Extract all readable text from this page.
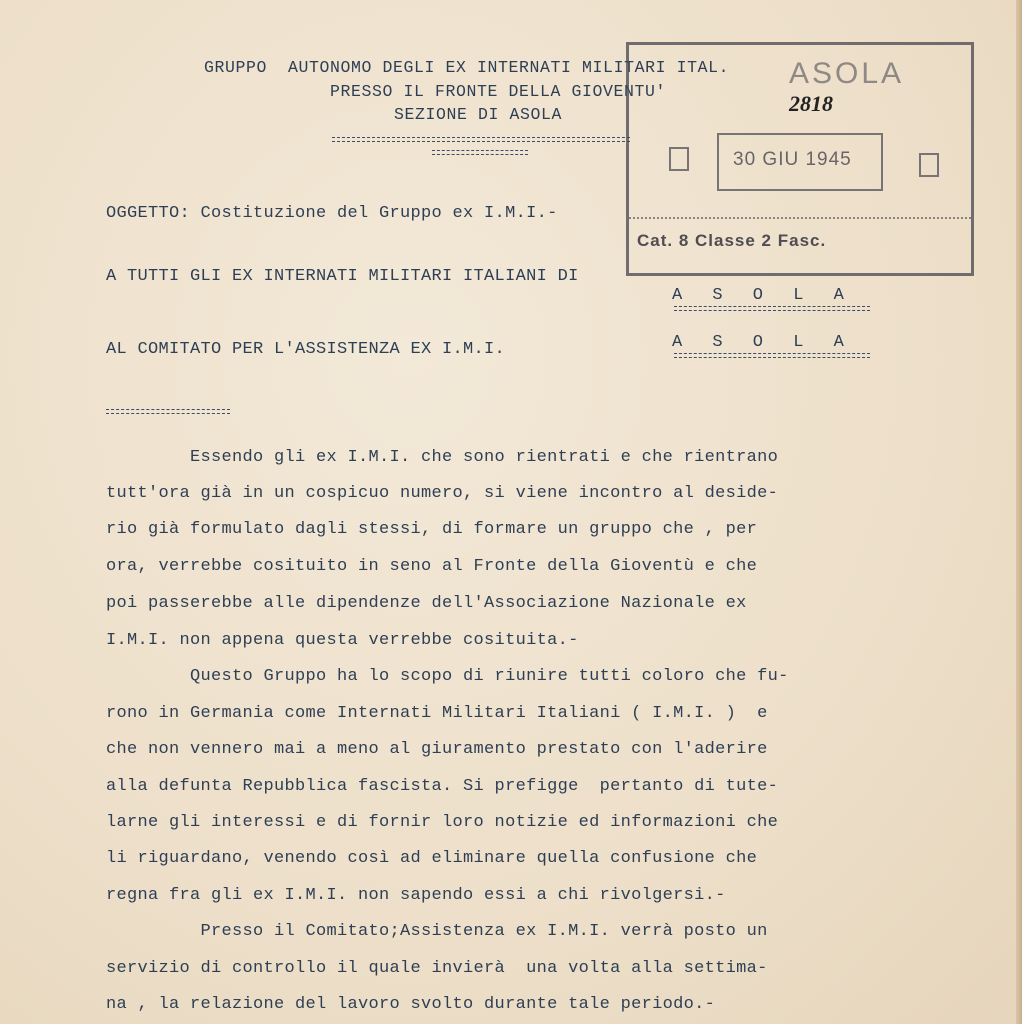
GRUPPO  AUTONOMO DEGLI EX INTERNATI MILITARI ITAL.
PRESSO IL FRONTE DELLA GIOVENTU'
SEZIONE DI ASOLA
ASOLA
2818
30 GIU 1945
Cat. 8 Classe 2 Fasc.
OGGETTO: Costituzione del Gruppo ex I.M.I.-
A TUTTI GLI EX INTERNATI MILITARI ITALIANI DI
A S O L A
AL COMITATO PER L'ASSISTENZA EX I.M.I.	A S O L A
Essendo gli ex I.M.I. che sono rientrati e che rientrano
tutt'ora già in un cospicuo numero, si viene incontro al deside-
rio già formulato dagli stessi, di formare un gruppo che , per
ora, verrebbe cosituito in seno al Fronte della Gioventù e che
poi passerebbe alle dipendenze dell'Associazione Nazionale ex
I.M.I. non appena questa verrebbe cosituita.-
Questo Gruppo ha lo scopo di riunire tutti coloro che fu-
rono in Germania come Internati Militari Italiani ( I.M.I. )  e
che non vennero mai a meno al giuramento prestato con l'aderire
alla defunta Repubblica fascista. Si prefigge  pertanto di tute-
larne gli interessi e di fornir loro notizie ed informazioni che
li riguardano, venendo così ad eliminare quella confusione che
regna fra gli ex I.M.I. non sapendo essi a chi rivolgersi.-
Presso il Comitato;Assistenza ex I.M.I. verrà posto un
servizio di controllo il quale invierà  una volta alla settima-
na , la relazione del lavoro svolto durante tale periodo.-
